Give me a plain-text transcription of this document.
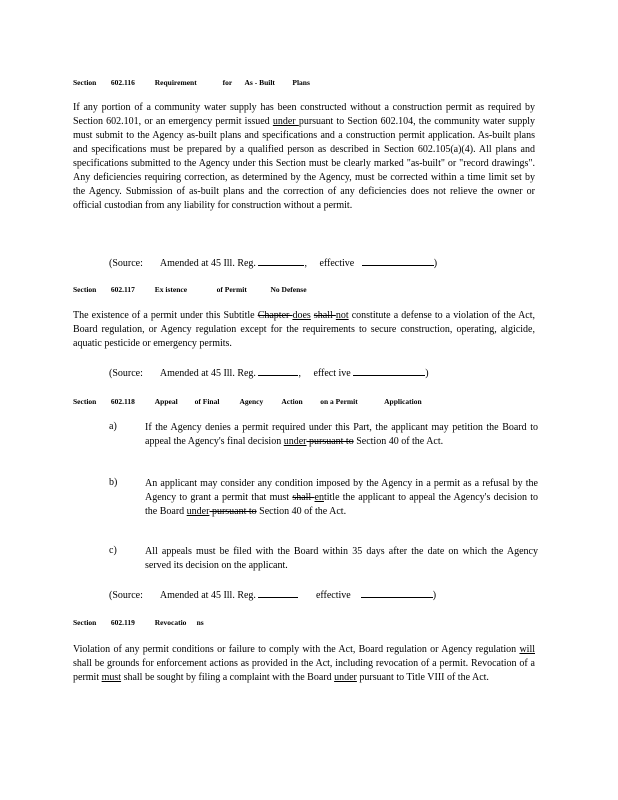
Section 602.116	Requirement	for As - Built Plans
If any portion of a community water supply has been constructed without a construction permit as required by Section 602.101, or an emergency permit issued under pursuant to Section 602.104, the community water supply must submit to the Agency as-built plans and specifications and a construction permit application. As-built plans and specifications must be prepared by a qualified person as described in Section 602.105(a)(4). All plans and specifications submitted to the Agency under this Section must be clearly marked "as-built" or "record drawings". Any deficiencies requiring correction, as determined by the Agency, must be corrected within a time limit set by the Agency. Submission of as-built plans and the correction of any deficiencies does not relieve the owner or official custodian from any liability for construction without a permit.
(Source: Amended at 45 Ill. Reg.	,     effective	)
Section 602.117	Ex istence	of Permit	No Defense
The existence of a permit under this Subtitle Chapter does shall not constitute a defense to a violation of the Act, Board regulation, or Agency regulation except for the requirements to secure construction, operating, algicide, aquatic pesticide or emergency permits.
(Source: Amended at 45 Ill. Reg.	,     effect ive	)
Section 602.118	Appeal of Final	Agency Action on a Permit	Application
a)	If the Agency denies a permit required under this Part, the applicant may petition the Board to appeal the Agency's final decision under pursuant to Section 40 of the Act.
b)	An applicant may consider any condition imposed by the Agency in a permit as a refusal by the Agency to grant a permit that must shall entitle the applicant to appeal the Agency's decision to the Board under pursuant to Section 40 of the Act.
c)	All appeals must be filed with the Board within 35 days after the date on which the Agency served its decision on the applicant.
(Source: Amended at 45 Ill. Reg.	effective	)
Section 602.119	Revocatio ns
Violation of any permit conditions or failure to comply with the Act, Board regulation or Agency regulation will shall be grounds for enforcement actions as provided in the Act, including revocation of a permit. Revocation of a permit must shall be sought by filing a complaint with the Board under pursuant to Title VIII of the Act.
